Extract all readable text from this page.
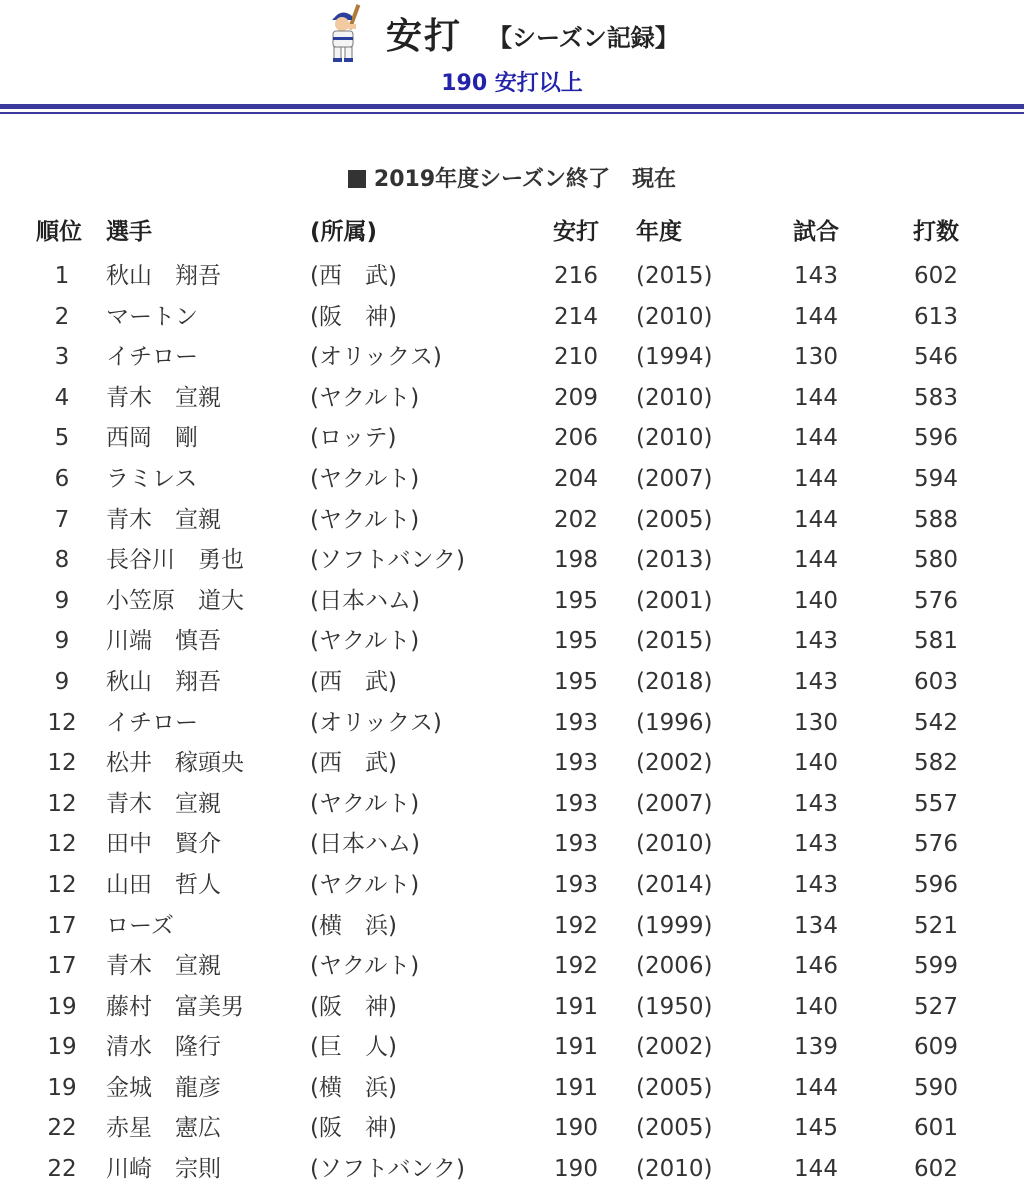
安打 【シーズン記録】
190 安打以上
2019年度シーズン終了　現在
順位 選手	(所属)	安打	年度	試合	打数
1	秋山　翔吾	(西　武)	216	(2015)	143	602
2	マートン	(阪　神)	214	(2010)	144	613
3	イチロー	(オリックス)	210	(1994)	130	546
4	青木　宣親	(ヤクルト)	209	(2010)	144	583
5	西岡　剛	(ロッテ)	206	(2010)	144	596
6	ラミレス	(ヤクルト)	204	(2007)	144	594
7	青木　宣親	(ヤクルト)	202	(2005)	144	588
8	長谷川　勇也	(ソフトバンク)	198	(2013)	144	580
9	小笠原　道大	(日本ハム)	195	(2001)	140	576
9	川端　慎吾	(ヤクルト)	195	(2015)	143	581
9	秋山　翔吾	(西　武)	195	(2018)	143	603
12	イチロー	(オリックス)	193	(1996)	130	542
12	松井　稼頭央	(西　武)	193	(2002)	140	582
12	青木　宣親	(ヤクルト)	193	(2007)	143	557
12	田中　賢介	(日本ハム)	193	(2010)	143	576
12	山田　哲人	(ヤクルト)	193	(2014)	143	596
17	ローズ	(横　浜)	192	(1999)	134	521
17	青木　宣親	(ヤクルト)	192	(2006)	146	599
19	藤村　富美男	(阪　神)	191	(1950)	140	527
19	清水　隆行	(巨　人)	191	(2002)	139	609
19	金城　龍彦	(横　浜)	191	(2005)	144	590
22	赤星　憲広	(阪　神)	190	(2005)	145	601
22	川崎　宗則	(ソフトバンク)	190	(2010)	144	602
